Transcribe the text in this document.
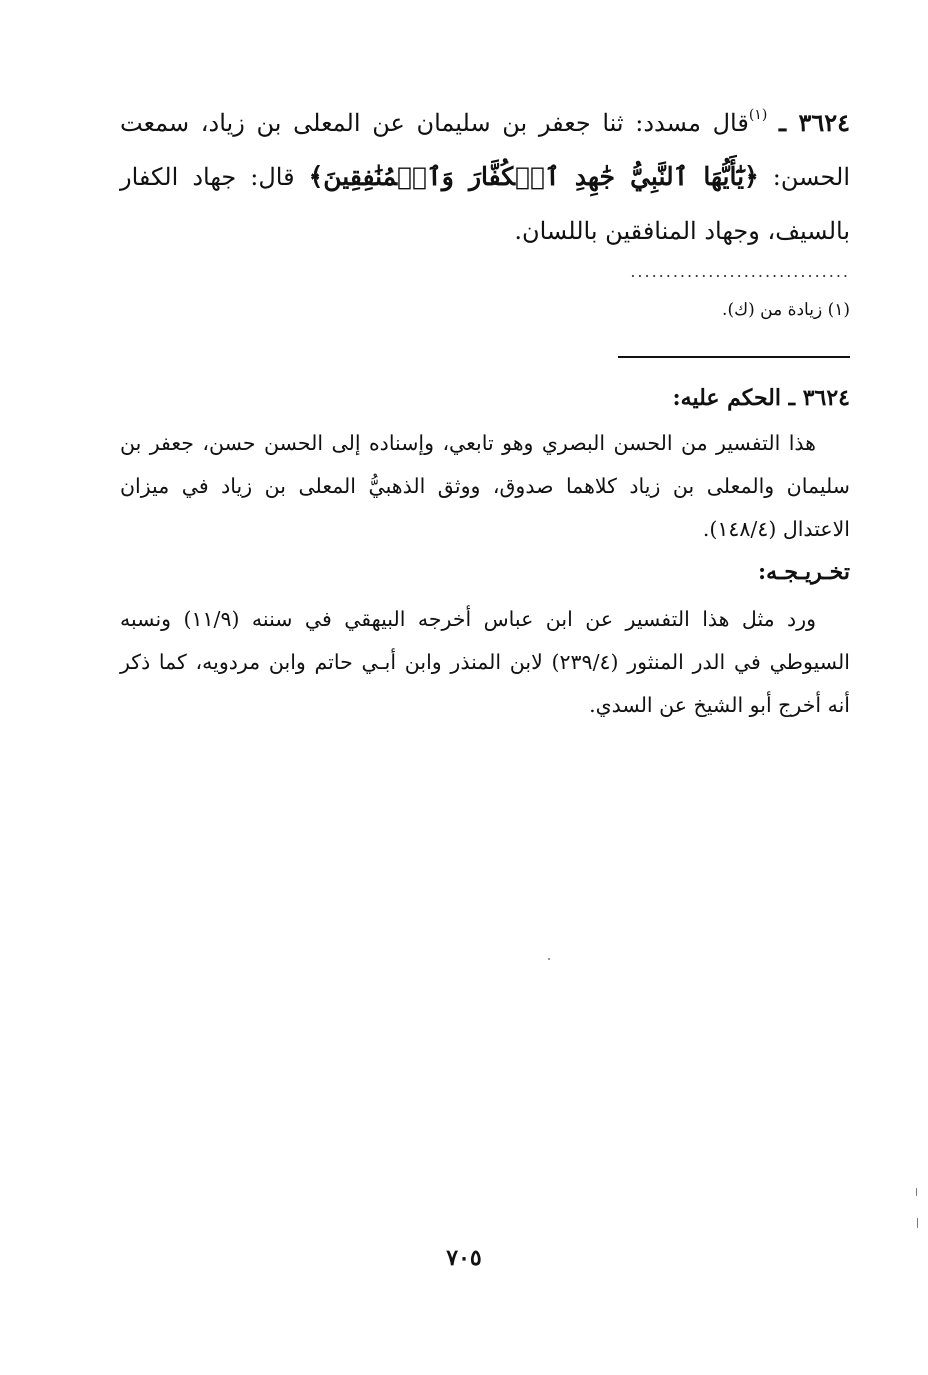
٣٦٢٤ ـ $^{(١)}$قال مسدد: ثنا جعفر بن سليمان عن المعلى بن زياد، سمعت الحسن: ﴿يَٰٓأَيُّهَا ٱلنَّبِيُّ جَٰهِدِ ٱلۡكُفَّارَ وَٱلۡمُنَٰفِقِينَ﴾ قال: جهاد الكفار بالسيف، وجهاد المنافقين باللسان.
...............................
(١) زيادة من (ك).
٣٦٢٤ ـ الحكم عليه:
هذا التفسير من الحسن البصري وهو تابعي، وإسناده إلى الحسن حسن، جعفر بن سليمان والمعلى بن زياد كلاهما صدوق، ووثق الذهبيُّ المعلى بن زياد في ميزان الاعتدال (١٤٨/٤).
تخـريـجـه:
ورد مثل هذا التفسير عن ابن عباس أخرجه البيهقي في سننه (١١/٩) ونسبه السيوطي في الدر المنثور (٢٣٩/٤) لابن المنذر وابن أبـي حاتم وابن مردويه، كما ذكر أنه أخرج أبو الشيخ عن السدي.
٧٠٥
